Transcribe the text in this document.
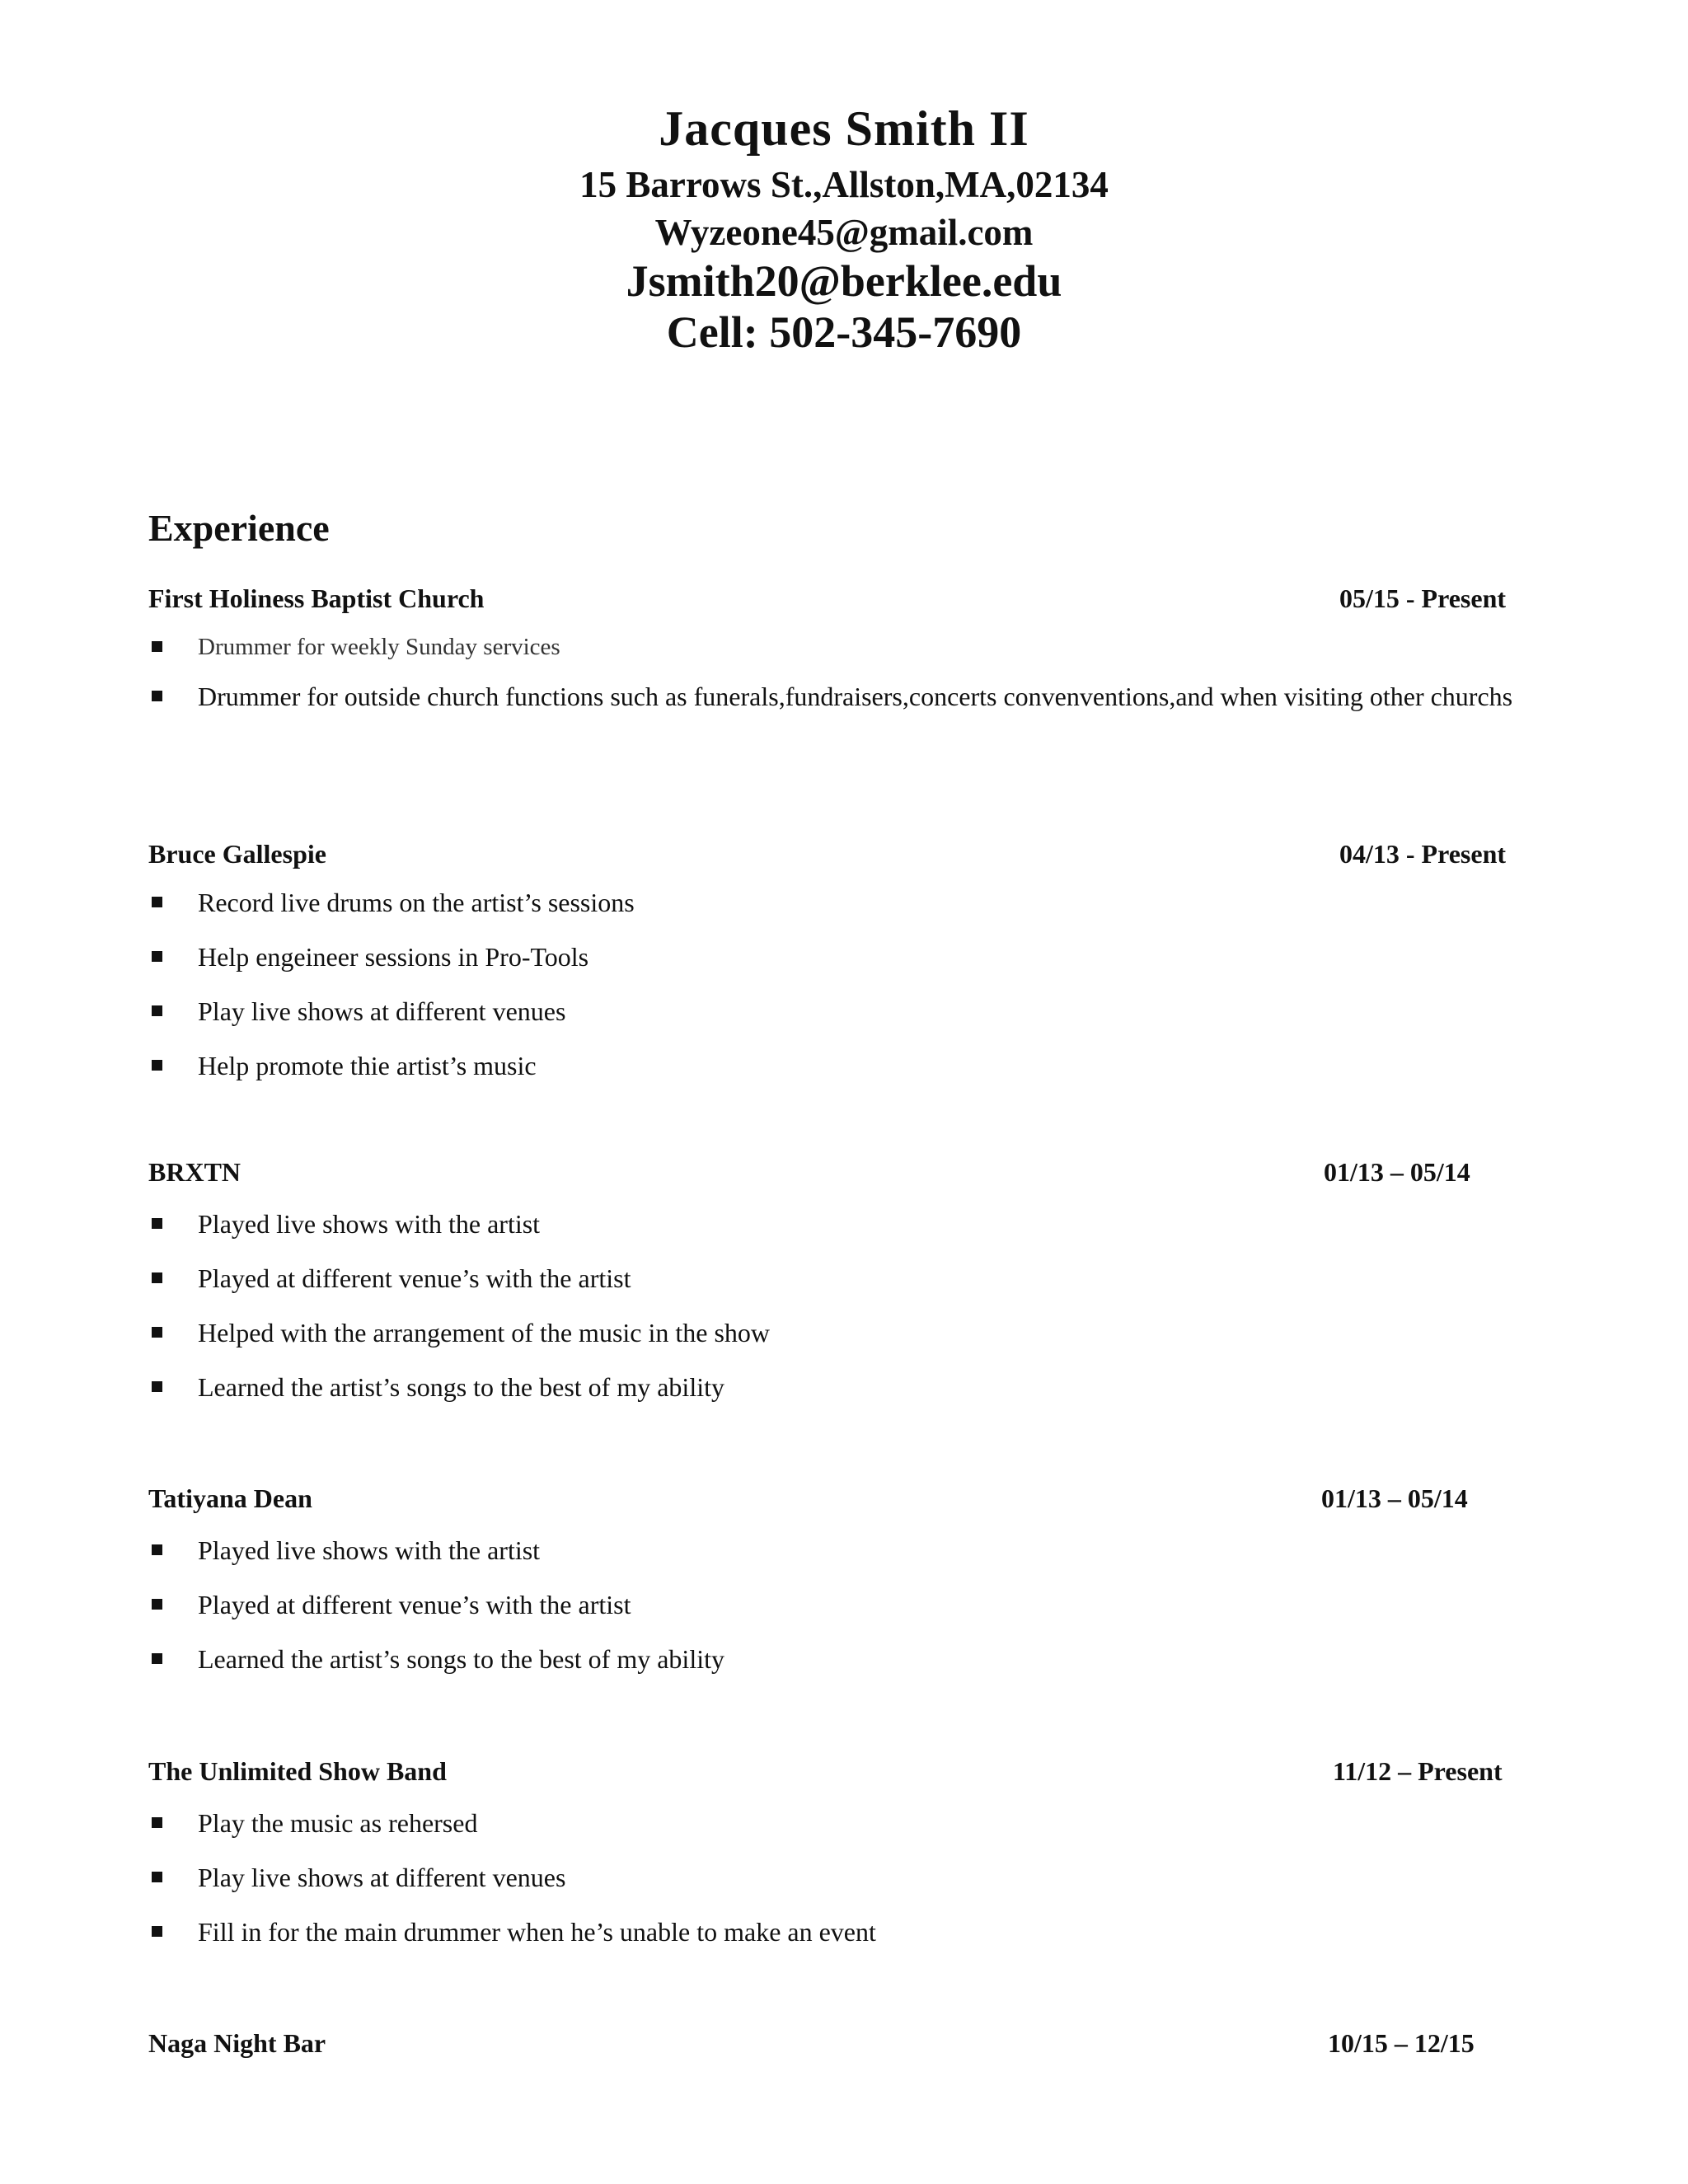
Jacques Smith II
15 Barrows St.,Allston,MA,02134
Wyzeone45@gmail.com
Jsmith20@berklee.edu
Cell: 502-345-7690
Experience
First Holiness Baptist Church	05/15 - Present
Drummer for weekly Sunday services
Drummer for outside church functions such as funerals,fundraisers,concerts convenventions,and when visiting other churchs
Bruce Gallespie	04/13 - Present
Record live drums on the artist’s sessions
Help engeineer sessions in Pro-Tools
Play live shows at different venues
Help promote thie artist’s music
BRXTN	01/13 – 05/14
Played live shows with the artist
Played at different venue’s with the artist
Helped with the arrangement of the music in the show
Learned the artist’s songs to the best of my ability
Tatiyana Dean	01/13 – 05/14
Played live shows with the artist
Played at different venue’s with the artist
Learned the artist’s songs to the best of my ability
The Unlimited Show Band	11/12 – Present
Play the music as rehersed
Play live shows at different venues
Fill in for the main drummer when he’s unable to make an event
Naga Night Bar	10/15 – 12/15
